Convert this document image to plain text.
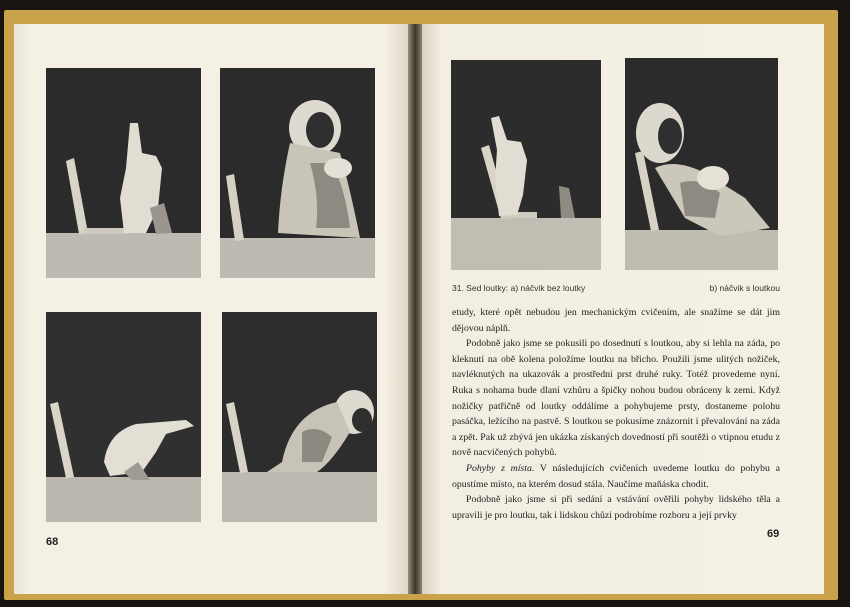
31. Sed loutky: a) náčvik bez loutky	b) náčvik s loutkou

etudy, které opět nebudou jen mechanickým cvičením, ale snažíme se dát jim dějovou náplň.

Podobně jako jsme se pokusili po dosednutí s loutkou, aby si lehla na záda, po kleknutí na obě kolena položíme loutku na břicho. Použili jsme ulitých nožiček, navléknutých na ukazovák a prostřední prst druhé ruky. Totéž provedeme nyní. Ruka s nohama bude dlaní vzhůru a špičky nohou budou obráceny k zemi. Když nožičky patřičně od loutky oddálíme a pohybujeme prsty, dostaneme polohu pasáčka, ležícího na pastvě. S loutkou se pokusíme znázornit i převalování na záda a zpět. Pak už zbývá jen ukázka získaných dovedností při soutěži o vtipnou etudu z nově nacvičených pohybů.

Pohyby z místa. V následujících cvičeních uvedeme loutku do pohybu a opustíme místo, na kterém dosud stála. Naučíme maňáska chodit.

Podobně jako jsme si při sedání a vstávání ověřili pohyby lidského těla a upravili je pro loutku, tak i lidskou chůzi podrobíme rozboru a její prvky

68
69
